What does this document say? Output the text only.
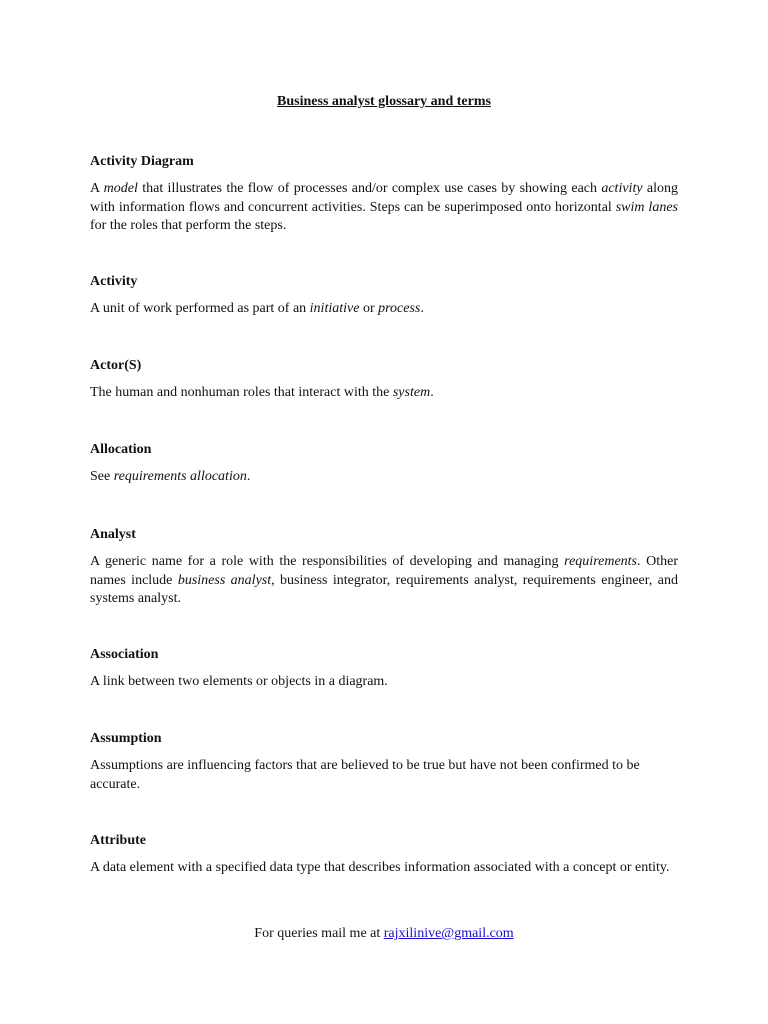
Business analyst glossary and terms

Activity Diagram

A model that illustrates the flow of processes and/or complex use cases by showing each activity along with information flows and concurrent activities. Steps can be superimposed onto horizontal swim lanes for the roles that perform the steps.

Activity

A unit of work performed as part of an initiative or process.

Actor(S)

The human and nonhuman roles that interact with the system.

Allocation

See requirements allocation.

Analyst

A generic name for a role with the responsibilities of developing and managing requirements. Other names include business analyst, business integrator, requirements analyst, requirements engineer, and systems analyst.

Association

A link between two elements or objects in a diagram.

Assumption

Assumptions are influencing factors that are believed to be true but have not been confirmed to be accurate.

Attribute

A data element with a specified data type that describes information associated with a concept or entity.

For queries mail me at rajxilinive@gmail.com
